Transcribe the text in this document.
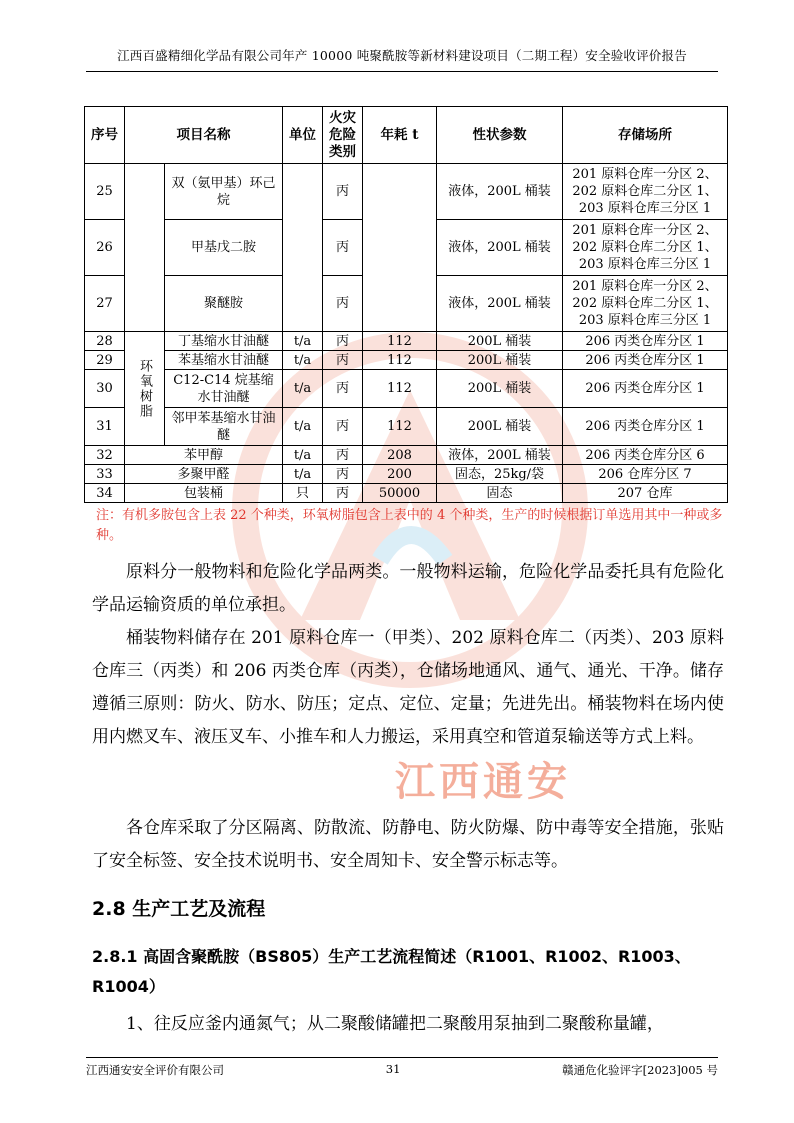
江西百盛精细化学品有限公司年产 10000 吨聚酰胺等新材料建设项目（二期工程）安全验收评价报告
江西通安
序号	项目名称		单位	火灾危险类别	年耗 t	性状参数	存储场所
25		双（氨甲基）环己烷		丙		液体，200L 桶装	201 原料仓库一分区 2、202 原料仓库二分区 1、203 原料仓库三分区 1
26		甲基戊二胺		丙		液体，200L 桶装	201 原料仓库一分区 2、202 原料仓库二分区 1、203 原料仓库三分区 1
27		聚醚胺		丙		液体，200L 桶装	201 原料仓库一分区 2、202 原料仓库二分区 1、203 原料仓库三分区 1
28	环氧树脂	丁基缩水甘油醚	t/a	丙	112	200L 桶装	206 丙类仓库分区 1
29		苯基缩水甘油醚	t/a	丙	112	200L 桶装	206 丙类仓库分区 1
30		C12-C14 烷基缩水甘油醚	t/a	丙	112	200L 桶装	206 丙类仓库分区 1
31		邻甲苯基缩水甘油醚	t/a	丙	112	200L 桶装	206 丙类仓库分区 1
32	苯甲醇		t/a	丙	208	液体，200L 桶装	206 丙类仓库分区 6
33	多聚甲醛		t/a	丙	200	固态，25kg/袋	206 仓库分区 7
34	包装桶		只	丙	50000	固态	207 仓库
注：有机多胺包含上表 22 个种类，环氧树脂包含上表中的 4 个种类，生产的时候根据订单选用其中一种或多种。

原料分一般物料和危险化学品两类。一般物料运输，危险化学品委托具有危险化学品运输资质的单位承担。

桶装物料储存在 201 原料仓库一（甲类）、202 原料仓库二（丙类）、203 原料仓库三（丙类）和 206 丙类仓库（丙类），仓储场地通风、通气、通光、干净。储存遵循三原则：防火、防水、防压；定点、定位、定量；先进先出。桶装物料在场内使用内燃叉车、液压叉车、小推车和人力搬运，采用真空和管道泵输送等方式上料。

各仓库采取了分区隔离、防散流、防静电、防火防爆、防中毒等安全措施，张贴了安全标签、安全技术说明书、安全周知卡、安全警示标志等。

2.8 生产工艺及流程
2.8.1 高固含聚酰胺（BS805）生产工艺流程简述（R1001、R1002、R1003、R1004）

1、往反应釜内通氮气；从二聚酸储罐把二聚酸用泵抽到二聚酸称量罐，

江西通安安全评价有限公司	31	赣通危化验评字[2023]005 号
